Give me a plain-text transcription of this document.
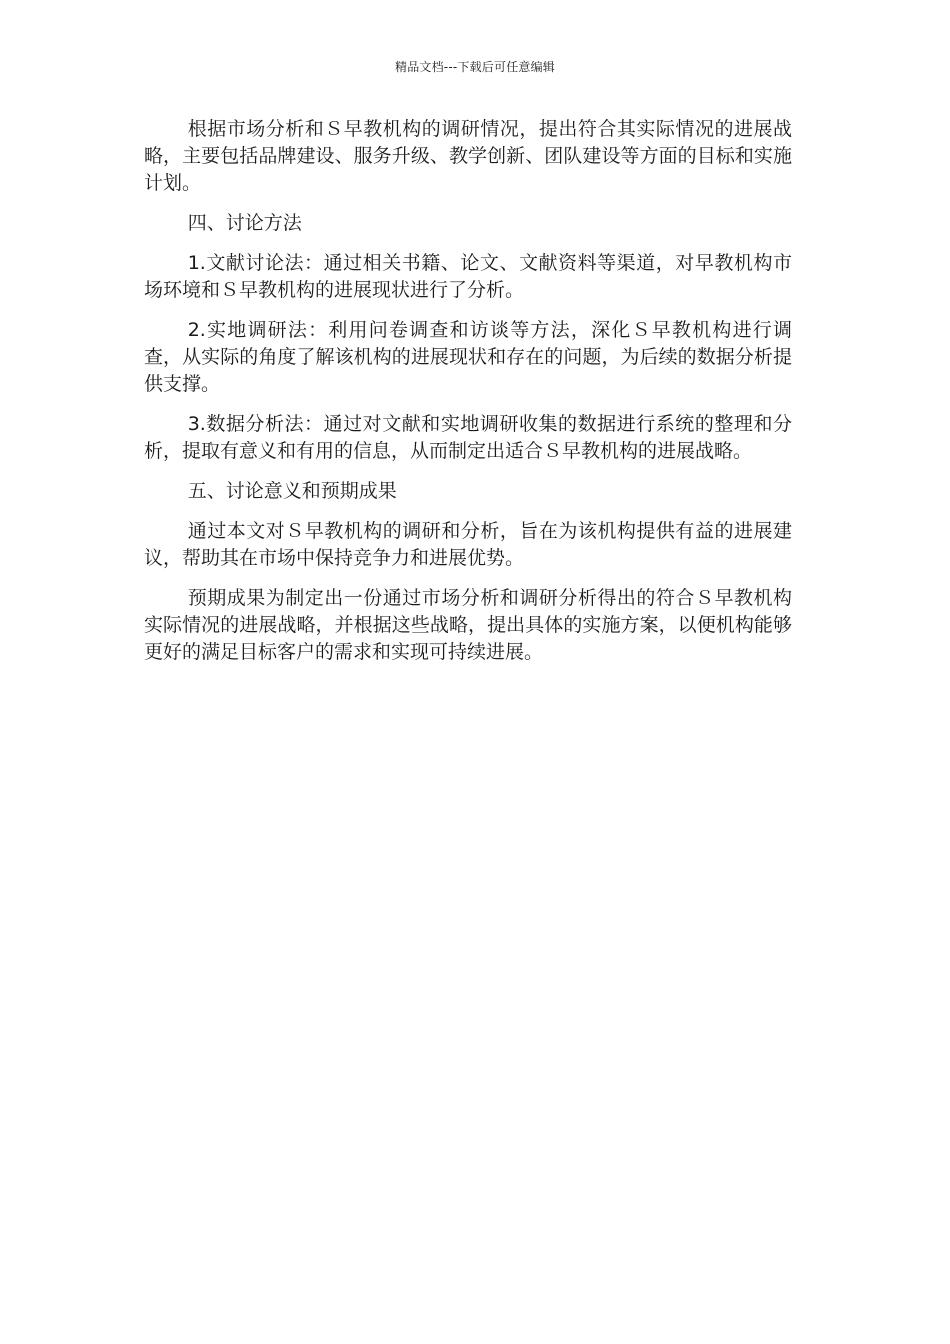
精品文档---下载后可任意编辑

根据市场分析和Ｓ早教机构的调研情况，提出符合其实际情况的进展战略，主要包括品牌建设、服务升级、教学创新、团队建设等方面的目标和实施计划。

四、讨论方法

1.文献讨论法：通过相关书籍、论文、文献资料等渠道，对早教机构市场环境和Ｓ早教机构的进展现状进行了分析。

2.实地调研法：利用问卷调查和访谈等方法，深化Ｓ早教机构进行调查，从实际的角度了解该机构的进展现状和存在的问题，为后续的数据分析提供支撑。

3.数据分析法：通过对文献和实地调研收集的数据进行系统的整理和分析，提取有意义和有用的信息，从而制定出适合Ｓ早教机构的进展战略。

五、讨论意义和预期成果

通过本文对Ｓ早教机构的调研和分析，旨在为该机构提供有益的进展建议，帮助其在市场中保持竞争力和进展优势。

预期成果为制定出一份通过市场分析和调研分析得出的符合Ｓ早教机构实际情况的进展战略，并根据这些战略，提出具体的实施方案，以便机构能够更好的满足目标客户的需求和实现可持续进展。
